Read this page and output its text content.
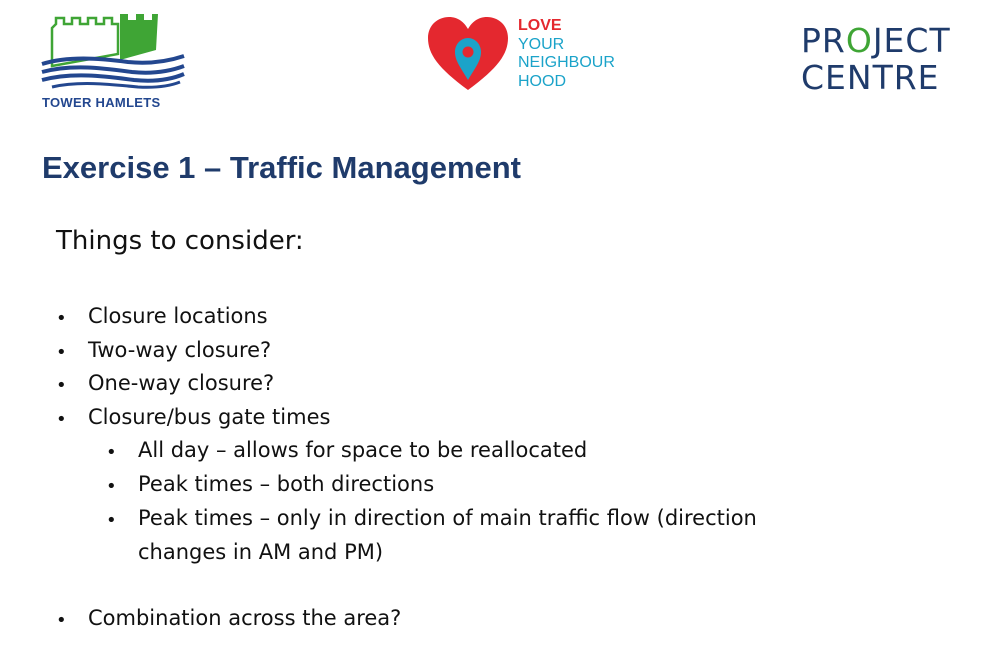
TOWER HAMLETS
LOVE
YOUR
NEIGHBOUR
HOOD
PROJECT
CENTRE
Exercise 1 – Traffic Management
Things to consider:
• Closure locations
• Two-way closure?
• One-way closure?
• Closure/bus gate times
• All day – allows for space to be reallocated
• Peak times – both directions
• Peak times – only in direction of main traffic flow (direction
changes in AM and PM)
• Combination across the area?
